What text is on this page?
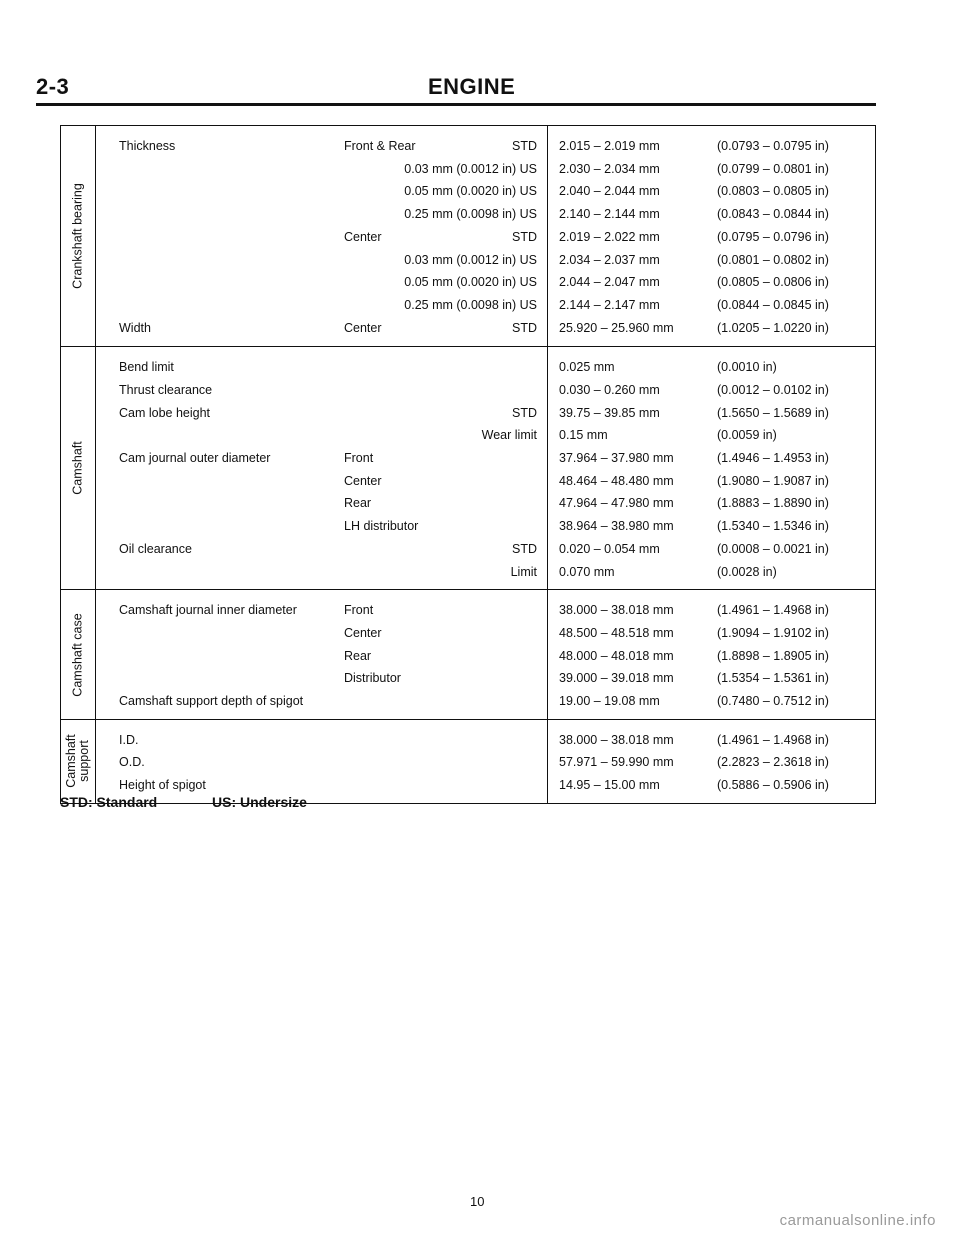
2-3	ENGINE
Crankshaft bearing
Thickness	Front & Rear	STD 2.015 – 2.019 mm	(0.0793 – 0.0795 in)
0.03 mm (0.0012 in) US 2.030 – 2.034 mm	(0.0799 – 0.0801 in)
0.05 mm (0.0020 in) US 2.040 – 2.044 mm	(0.0803 – 0.0805 in)
0.25 mm (0.0098 in) US 2.140 – 2.144 mm	(0.0843 – 0.0844 in)
Center	STD 2.019 – 2.022 mm	(0.0795 – 0.0796 in)
0.03 mm (0.0012 in) US 2.034 – 2.037 mm	(0.0801 – 0.0802 in)
0.05 mm (0.0020 in) US 2.044 – 2.047 mm	(0.0805 – 0.0806 in)
0.25 mm (0.0098 in) US 2.144 – 2.147 mm	(0.0844 – 0.0845 in)
Width	Center	STD 25.920 – 25.960 mm	(1.0205 – 1.0220 in)
Camshaft
Bend limit	0.025 mm	(0.0010 in)
Thrust clearance	0.030 – 0.260 mm	(0.0012 – 0.0102 in)
Cam lobe height	STD 39.75 – 39.85 mm	(1.5650 – 1.5689 in)
Wear limit 0.15 mm	(0.0059 in)
Cam journal outer diameter	Front	37.964 – 37.980 mm	(1.4946 – 1.4953 in)
Center	48.464 – 48.480 mm	(1.9080 – 1.9087 in)
Rear	47.964 – 47.980 mm	(1.8883 – 1.8890 in)
LH distributor	38.964 – 38.980 mm	(1.5340 – 1.5346 in)
Oil clearance	STD 0.020 – 0.054 mm	(0.0008 – 0.0021 in)
Limit 0.070 mm	(0.0028 in)
Camshaft case
Camshaft journal inner diameter	Front	38.000 – 38.018 mm	(1.4961 – 1.4968 in)
Center	48.500 – 48.518 mm	(1.9094 – 1.9102 in)
Rear	48.000 – 48.018 mm	(1.8898 – 1.8905 in)
Distributor	39.000 – 39.018 mm	(1.5354 – 1.5361 in)
Camshaft support depth of spigot	19.00 – 19.08 mm	(0.7480 – 0.7512 in)
Camshaft support
I.D.	38.000 – 38.018 mm	(1.4961 – 1.4968 in)
O.D.	57.971 – 59.990 mm	(2.2823 – 2.3618 in)
Height of spigot	14.95 – 15.00 mm	(0.5886 – 0.5906 in)
STD: Standard	US: Undersize
10
carmanualsonline.info
